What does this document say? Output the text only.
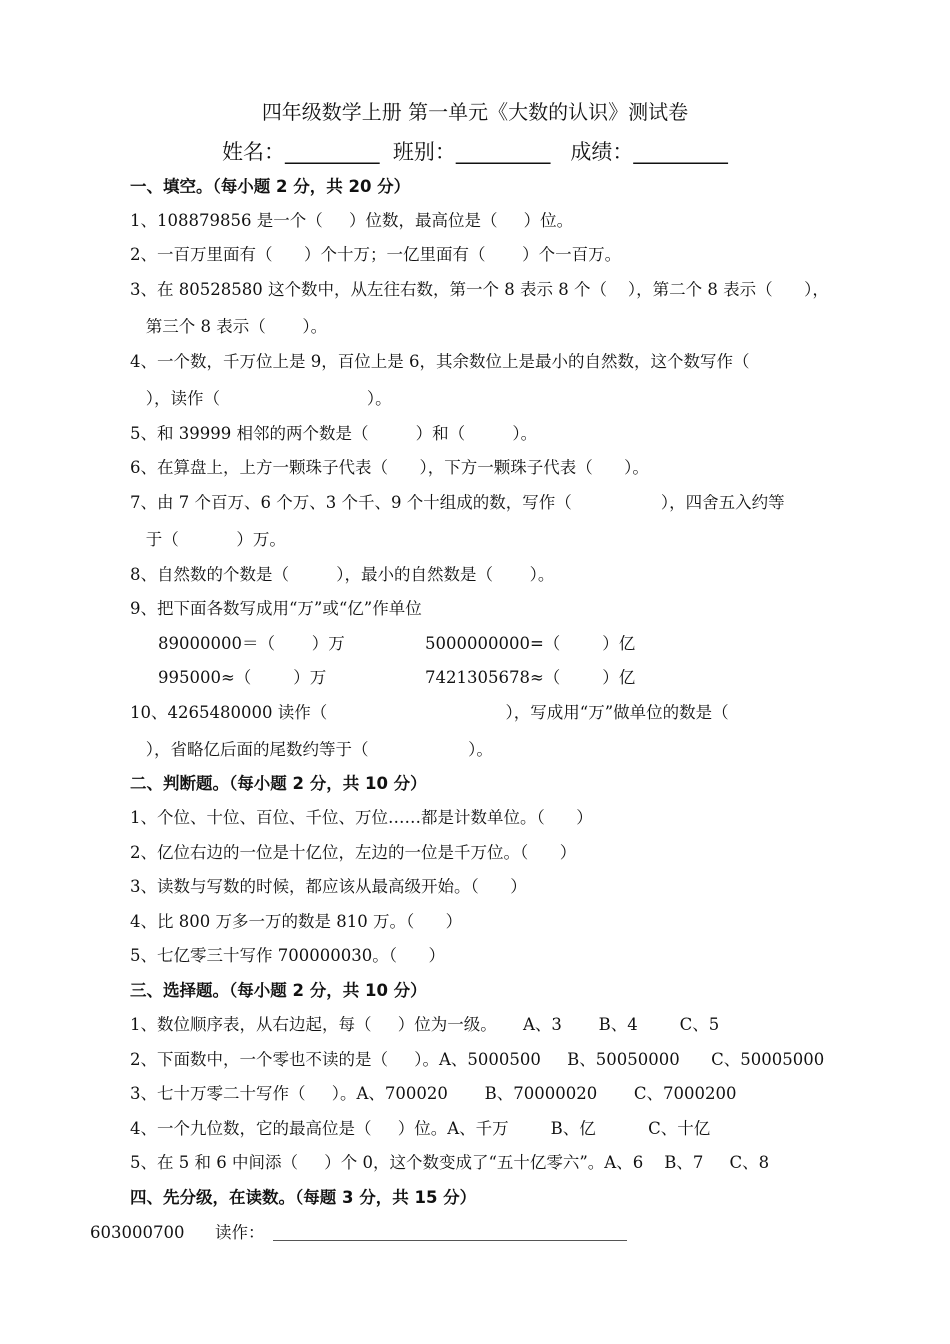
四年级数学上册 第一单元《大数的认识》测试卷
姓名：_________  班别：_________   成绩：_________
一、填空。（每小题 2 分，共 20 分）
1、108879856 是一个（     ）位数，最高位是（     ）位。
2、一百万里面有（      ）个十万；一亿里面有（       ）个一百万。
3、在 80528580 这个数中，从左往右数，第一个 8 表示 8 个（    ），第二个 8 表示（      ），
第三个 8 表示（       ）。
4、一个数，千万位上是 9，百位上是 6，其余数位上是最小的自然数，这个数写作（
），读作（                            ）。
5、和 39999 相邻的两个数是（         ）和（         ）。
6、在算盘上，上方一颗珠子代表（      ），下方一颗珠子代表（      ）。
7、由 7 个百万、6 个万、3 个千、9 个十组成的数，写作（                 ），四舍五入约等
于（           ）万。
8、自然数的个数是（         ），最小的自然数是（       ）。
9、把下面各数写成用“万”或“亿”作单位
89000000＝（       ）万	5000000000=（        ）亿
995000≈（        ）万	7421305678≈（        ）亿
10、4265480000 读作（                                  ），写成用“万”做单位的数是（
），省略亿后面的尾数约等于（                   ）。
二、判断题。（每小题 2 分，共 10 分）
1、个位、十位、百位、千位、万位……都是计数单位。（      ）
2、亿位右边的一位是十亿位，左边的一位是千万位。（      ）
3、读数与写数的时候，都应该从最高级开始。（      ）
4、比 800 万多一万的数是 810 万。（      ）
5、七亿零三十写作 700000030。（      ）
三、选择题。（每小题 2 分，共 10 分）
1、数位顺序表，从右边起，每（     ）位为一级。     A、3       B、4        C、5
2、下面数中，一个零也不读的是（     ）。A、5000500     B、50050000      C、50005000
3、七十万零二十写作（     ）。A、700020       B、70000020       C、7000200
4、一个九位数，它的最高位是（     ）位。A、千万        B、亿          C、十亿
5、在 5 和 6 中间添（     ）个 0，这个数变成了“五十亿零六”。A、6    B、7     C、8
四、先分级，在读数。（每题 3 分，共 15 分）
603000700 读作：
